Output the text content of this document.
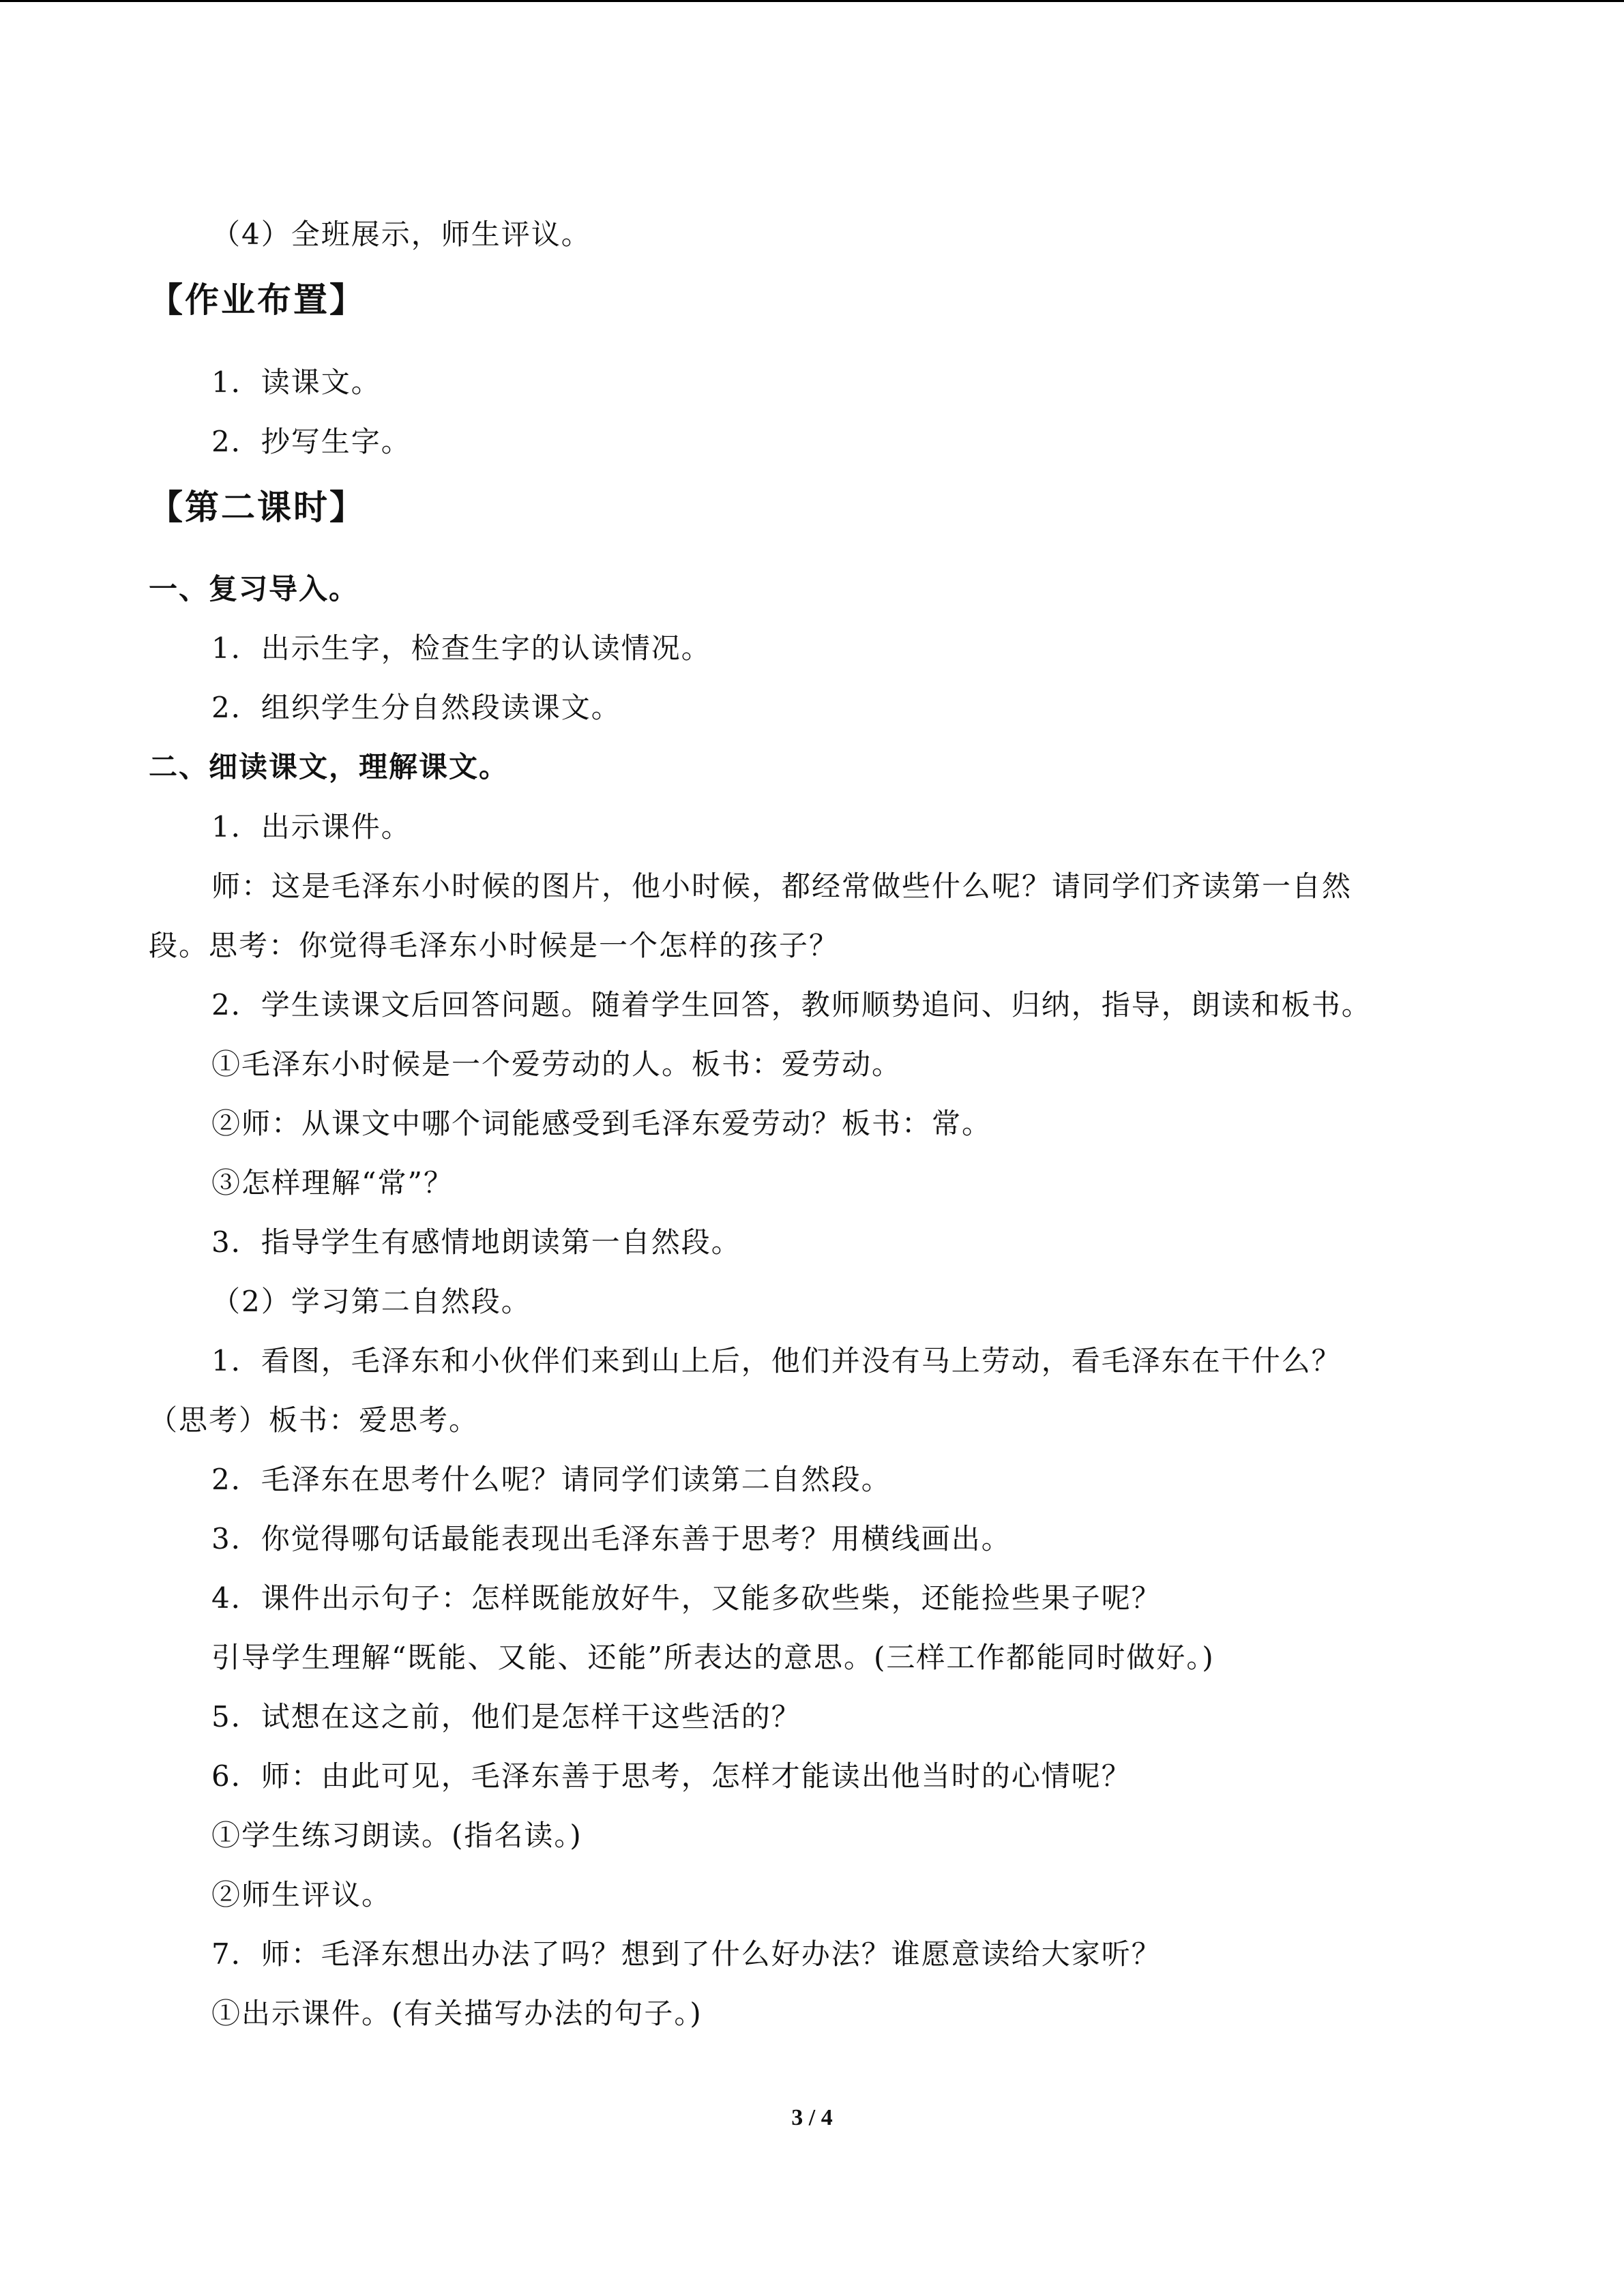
（4）全班展示，师生评议。
【作业布置】
1．读课文。
2．抄写生字。
【第二课时】
一、复习导入。
1．出示生字，检查生字的认读情况。
2．组织学生分自然段读课文。
二、细读课文，理解课文。
1．出示课件。
师：这是毛泽东小时候的图片，他小时候，都经常做些什么呢？请同学们齐读第一自然
段。思考：你觉得毛泽东小时候是一个怎样的孩子？
2．学生读课文后回答问题。随着学生回答，教师顺势追问、归纳，指导，朗读和板书。
①毛泽东小时候是一个爱劳动的人。板书：爱劳动。
②师：从课文中哪个词能感受到毛泽东爱劳动？板书：常。
③怎样理解“常”？
3．指导学生有感情地朗读第一自然段。
（2）学习第二自然段。
1．看图，毛泽东和小伙伴们来到山上后，他们并没有马上劳动，看毛泽东在干什么？
（思考）板书：爱思考。
2．毛泽东在思考什么呢？请同学们读第二自然段。
3．你觉得哪句话最能表现出毛泽东善于思考？用横线画出。
4．课件出示句子：怎样既能放好牛，又能多砍些柴，还能捡些果子呢？
引导学生理解“既能、又能、还能”所表达的意思。(三样工作都能同时做好。)
5．试想在这之前，他们是怎样干这些活的？
6．师：由此可见，毛泽东善于思考，怎样才能读出他当时的心情呢？
①学生练习朗读。(指名读。)
②师生评议。
7．师：毛泽东想出办法了吗？想到了什么好办法？谁愿意读给大家听？
①出示课件。(有关描写办法的句子。)
3 / 4
